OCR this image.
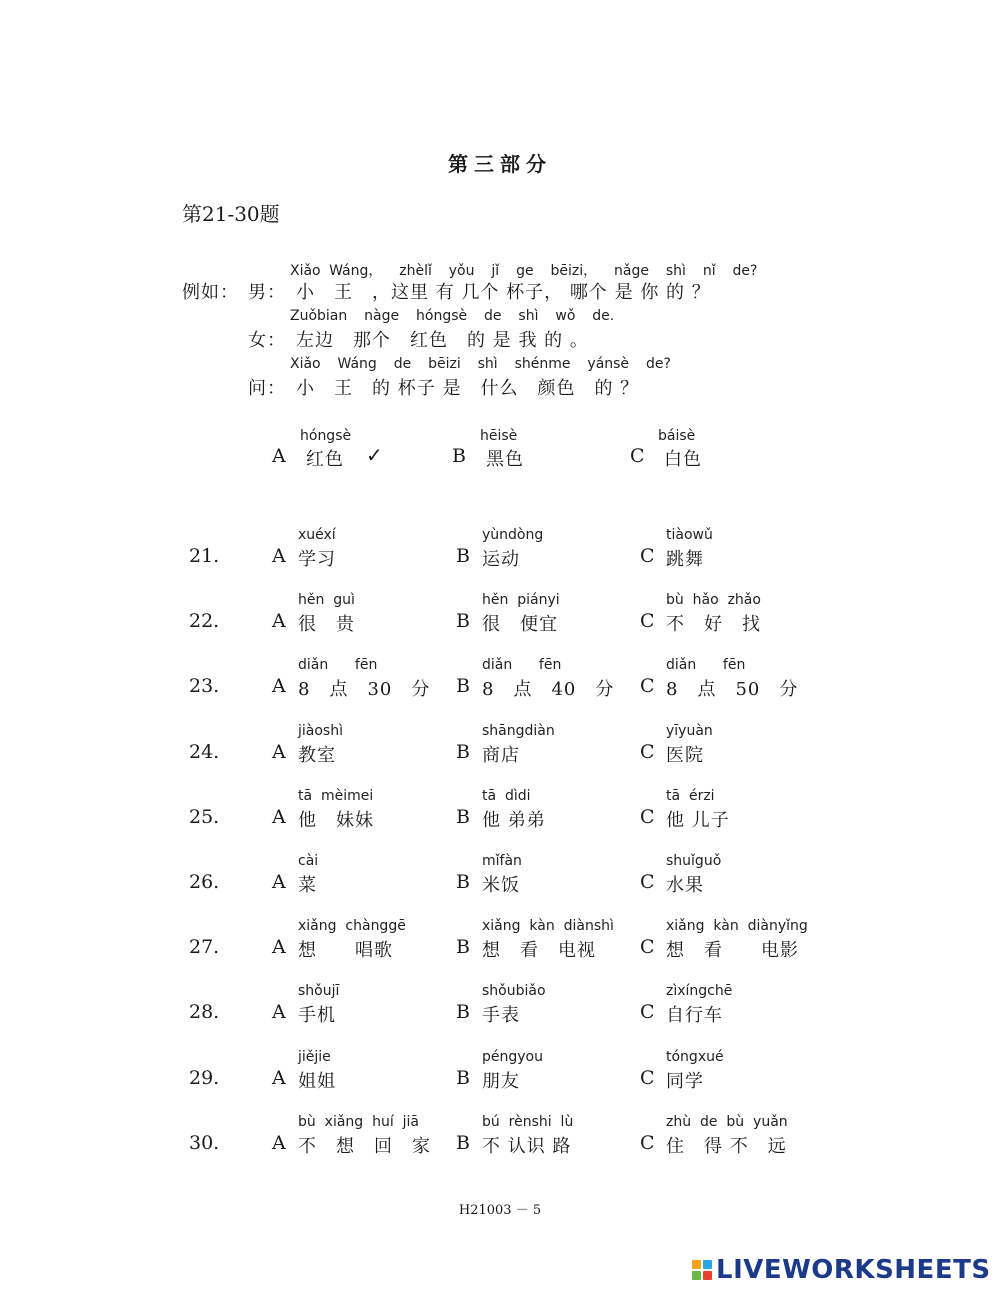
第三部分
第21-30题
例如：
Xiǎo Wáng，  zhèlǐ  yǒu  jǐ  ge  bēizi，  nǎge  shì  nǐ  de?
男： 小　王　，这里 有 几个 杯子， 哪个 是 你 的 ？
Zuǒbian  nàge  hóngsè  de  shì  wǒ  de.
女： 左边　那个　红色　的 是 我 的 。
Xiǎo  Wáng  de  bēizi  shì  shénme  yánsè  de?
问： 小　王　的 杯子 是　什么　颜色　的 ？
hóngsè
A 红色 ✓
hēisè
B 黑色
báisè
C 白色
21.
xuéxí
A 学习
yùndòng
B 运动
tiàowǔ
C 跳舞
22.
hěn  guì
A 很　贵
hěn  piányi
B 很　便宜
bù  hǎo  zhǎo
C 不　好　找
23.
diǎn      fēn
A 8　点　30　分
diǎn      fēn
B 8　点　40　分
diǎn      fēn
C 8　点　50　分
24.
jiàoshì
A 教室
shāngdiàn
B 商店
yīyuàn
C 医院
25.
tā  mèimei
A 他　妹妹
tā  dìdi
B 他 弟弟
tā  érzi
C 他 儿子
26.
cài
A 菜
mǐfàn
B 米饭
shuǐguǒ
C 水果
27.
xiǎng  chànggē
A 想　　唱歌
xiǎng  kàn  diànshì
B 想　看　电视
xiǎng  kàn  diànyǐng
C 想　看　　电影
28.
shǒujī
A 手机
shǒubiǎo
B 手表
zìxíngchē
C 自行车
29.
jiějie
A 姐姐
péngyou
B 朋友
tóngxué
C 同学
30.
bù  xiǎng  huí  jiā
A 不　想　回　家
bú  rènshi  lù
B 不 认识 路
zhù  de  bù  yuǎn
C 住　得 不　远
H21003 － 5
LIVEWORKSHEETS
